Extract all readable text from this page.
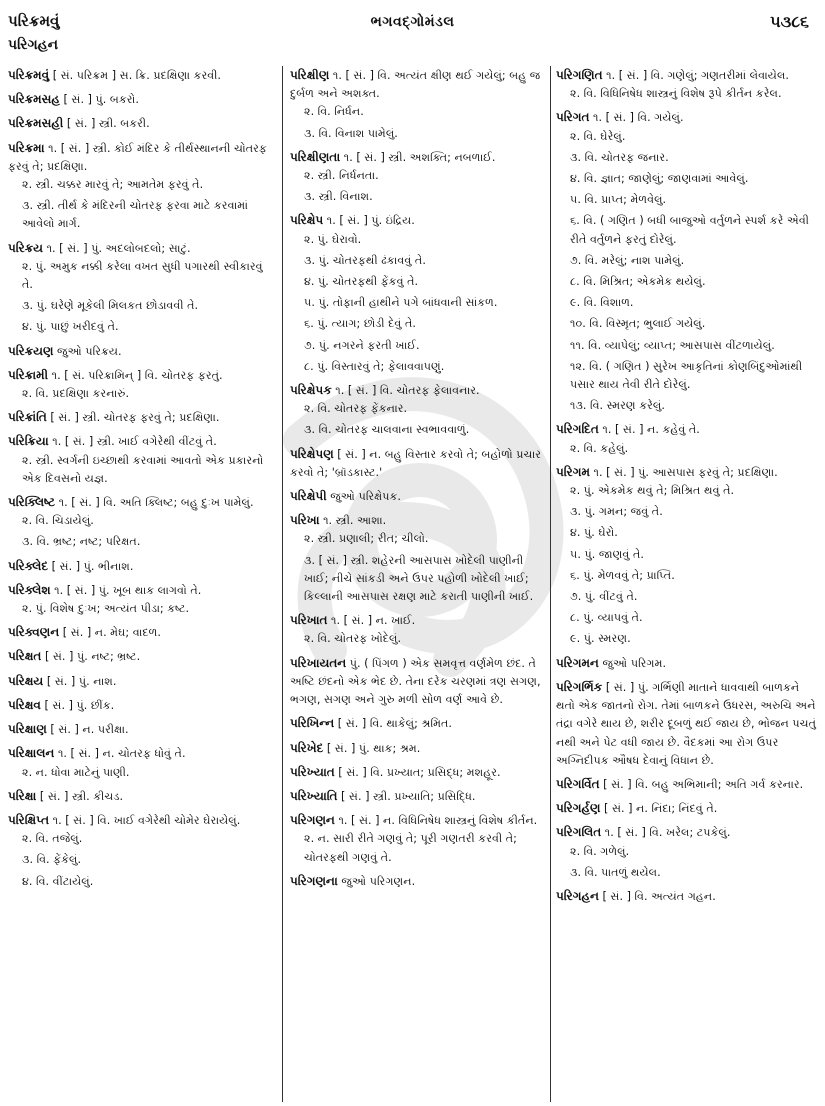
પરિક્રમવું
પરિગહન
ભગવદ્ગોમંડલ	૫૩૮૬
પરિક્રમવું [ સં. પરિક્રમ ] સ. ક્રિ. પ્રદક્ષિણા કરવી.
પરિક્રમસહ [ સં. ] પું. બકરો.
પરિક્રમસહી [ સં. ] સ્ત્રી. બકરી.
પરિક્રમા ૧. [ સં. ] સ્ત્રી. કોઈ મંદિર કે તીર્થસ્થાનની ચોતરફ ફરવું તે; પ્રદક્ષિણા.
૨. સ્ત્રી. ચક્કર મારવું તે; આમતેમ ફરવું તે.
૩. સ્ત્રી. તીર્થ કે મંદિરની ચોતરફ ફરવા માટે કરવામાં આવેલો માર્ગ.
પરિક્રય ૧. [ સં. ] પું. અદલોબદલો; સાટું.
૨. પું. અમુક નક્કી કરેલા વખત સુધી પગારથી સ્વીકારવું તે.
૩. પું. ઘરેણે મૂકેલી મિલકત છોડાવવી તે.
૪. પું. પાછું ખરીદવું તે.
પરિક્રયણ જુઓ પરિક્રય.
પરિક્રામી ૧. [ સં. પરિક્રામિન્ ] વિ. ચોતરફ ફરતું.
૨. વિ. પ્રદક્ષિણા કરનારું.
પરિક્રાંતિ [ સં. ] સ્ત્રી. ચોતરફ ફરવું તે; પ્રદક્ષિણા.
પરિક્રિયા ૧. [ સં. ] સ્ત્રી. ખાઈ વગેરેથી વીંટવું તે.
૨. સ્ત્રી. સ્વર્ગની ઇચ્છાથી કરવામાં આવતો એક પ્રકારનો એક દિવસનો યજ્ઞ.
પરિક્લિષ્ટ ૧. [ સં. ] વિ. અતિ ક્લિષ્ટ; બહુ દુઃખ પામેલું.
૨. વિ. ચિડાયેલું.
૩. વિ. ભ્રષ્ટ; નષ્ટ; પરિક્ષત.
પરિક્લેદ [ સં. ] પું. ભીનાશ.
પરિક્લેશ ૧. [ સં. ] પું. ખૂબ થાક લાગવો તે.
૨. પું. વિશેષ દુઃખ; અત્યંત પીડા; કષ્ટ.
પરિક્વણન [ સં. ] ન. મેઘ; વાદળ.
પરિક્ષત [ સં. ] પું. નષ્ટ; ભ્રષ્ટ.
પરિક્ષય [ સં. ] પું. નાશ.
પરિક્ષવ [ સં. ] પું. છીંક.
પરિક્ષાણ [ સં. ] ન. પરીક્ષા.
પરિક્ષાલન ૧. [ સં. ] ન. ચોતરફ ધોવું તે.
૨. ન. ધોવા માટેનું પાણી.
પરિક્ષા [ સં. ] સ્ત્રી. કીચડ.
પરિક્ષિપ્ત ૧. [ સં. ] વિ. ખાઈ વગેરેથી ચોમેર ઘેરાયેલું.
૨. વિ. તજેલું.
૩. વિ. ફેંકેલું.
૪. વિ. વીંટાયેલું.
પરિક્ષીણ ૧. [ સં. ] વિ. અત્યંત ક્ષીણ થઈ ગયેલું; બહુ જ દુર્બળ અને અશક્ત.
૨. વિ. નિર્ધન.
૩. વિ. વિનાશ પામેલું.
પરિક્ષીણતા ૧. [ સં. ] સ્ત્રી. અશક્તિ; નબળાઈ.
૨. સ્ત્રી. નિર્ધનતા.
૩. સ્ત્રી. વિનાશ.
પરિક્ષેપ ૧. [ સં. ] પું. ઇંદ્રિય.
૨. પું. ઘેરાવો.
૩. પું. ચોતરફથી ઢંકાવવું તે.
૪. પું. ચોતરફથી ફેંકવું તે.
૫. પું. તોફાની હાથીને પગે બાંધવાની સાંકળ.
૬. પું. ત્યાગ; છોડી દેવું તે.
૭. પું. નગરને ફરતી ખાઈ.
૮. પું. વિસ્તારવું તે; ફેલાવવાપણું.
પરિક્ષેપક ૧. [ સં. ] વિ. ચોતરફ ફેલાવનાર.
૨. વિ. ચોતરફ ફેંકનાર.
૩. વિ. ચોતરફ ચાલવાના સ્વભાવવાળું.
પરિક્ષેપણ [ સં. ] ન. બહુ વિસ્તાર કરવો તે; બહોળો પ્રચાર કરવો તે; 'બ્રૉડકાસ્ટ.'
પરિક્ષેપી જુઓ પરિક્ષેપક.
પરિખા ૧. સ્ત્રી. આશા.
૨. સ્ત્રી. પ્રણાલી; રીત; ચીલો.
૩. [ સં. ] સ્ત્રી. શહેરની આસપાસ ખોદેલી પાણીની ખાઈ; નીચે સાંકડી અને ઉપર પહોળી ખોદેલી ખાઈ; કિલ્લાની આસપાસ રક્ષણ માટે કરાતી પાણીની ખાઈ.
પરિખાત ૧. [ સં. ] ન. ખાઈ.
૨. વિ. ચોતરફ ખોદેલું.
પરિખાયતન પું. ( પિંગળ ) એક સમવૃત્ત વર્ણમેળ છંદ. તે અષ્ટિ છંદનો એક ભેદ છે. તેના દરેક ચરણમાં ત્રણ સગણ, ભગણ, સગણ અને ગુરુ મળી સોળ વર્ણ આવે છે.
પરિખિન્ન [ સં. ] વિ. થાકેલું; શ્રમિત.
પરિખેદ [ સં. ] પું. થાક; શ્રમ.
પરિખ્યાત [ સં. ] વિ. પ્રખ્યાત; પ્રસિદ્ધ; મશહૂર.
પરિખ્યાતિ [ સં. ] સ્ત્રી. પ્રખ્યાતિ; પ્રસિદ્ધિ.
પરિગણન ૧. [ સં. ] ન. વિધિનિષેધ શાસ્ત્રનું વિશેષ કીર્તન.
૨. ન. સારી રીતે ગણવું તે; પૂરી ગણતરી કરવી તે; ચોતરફથી ગણવું તે.
પરિગણના જુઓ પરિગણન.
પરિગણિત ૧. [ સં. ] વિ. ગણેલું; ગણતરીમાં લેવાયેલ.
૨. વિ. વિધિનિષેધ શાસ્ત્રનું વિશેષ રૂપે કીર્તન કરેલ.
પરિગત ૧. [ સં. ] વિ. ગયેલું.
૨. વિ. ઘેરેલું.
૩. વિ. ચોતરફ જનાર.
૪. વિ. જ્ઞાત; જાણેલું; જાણવામાં આવેલું.
૫. વિ. પ્રાપ્ત; મેળવેલું.
૬. વિ. ( ગણિત ) બધી બાજુઓ વર્તુળને સ્પર્શ કરે એવી રીતે વર્તુળને ફરતું દોરેલું.
૭. વિ. મરેલું; નાશ પામેલું.
૮. વિ. મિશ્રિત; એકમેક થયેલું.
૯. વિ. વિશાળ.
૧૦. વિ. વિસ્મૃત; ભુલાઈ ગયેલું.
૧૧. વિ. વ્યાપેલું; વ્યાપ્ત; આસપાસ વીંટળાયેલું.
૧૨. વિ. ( ગણિત ) સુરેખ આકૃતિનાં કોણબિંદુઓમાંથી પસાર થાય તેવી રીતે દોરેલું.
૧૩. વિ. સ્મરણ કરેલું.
પરિગદિત ૧. [ સં. ] ન. કહેવું તે.
૨. વિ. કહેલું.
પરિગમ ૧. [ સં. ] પું. આસપાસ ફરવું તે; પ્રદક્ષિણા.
૨. પું. એકમેક થવું તે; મિશ્રિત થવું તે.
૩. પું. ગમન; જવું તે.
૪. પું. ઘેરો.
૫. પું. જાણવું તે.
૬. પું. મેળવવું તે; પ્રાપ્તિ.
૭. પું. વીંટવું તે.
૮. પું. વ્યાપવું તે.
૯. પું. સ્મરણ.
પરિગમન જુઓ પરિગમ.
પરિગર્ભિક [ સં. ] પું. ગર્ભિણી માતાને ધાવવાથી બાળકને થતો એક જાતનો રોગ. તેમાં બાળકને ઉધરસ, અરુચિ અને તંદ્રા વગેરે થાય છે, શરીર દૂબળું થઈ જાય છે, ભોજન પચતું નથી અને પેટ વધી જાય છે. વૈદકમાં આ રોગ ઉપર અગ્નિદીપક ઔષધ દેવાનું વિધાન છે.
પરિગર્વિત [ સં. ] વિ. બહુ અભિમાની; અતિ ગર્વ કરનાર.
પરિગર્હણ [ સં. ] ન. નિંદા; નિંદવું તે.
પરિગલિત ૧. [ સં. ] વિ. ખરેલ; ટપકેલું.
૨. વિ. ગળેલું.
૩. વિ. પાતળું થયેલ.
પરિગહન [ સં. ] વિ. અત્યંત ગહન.
